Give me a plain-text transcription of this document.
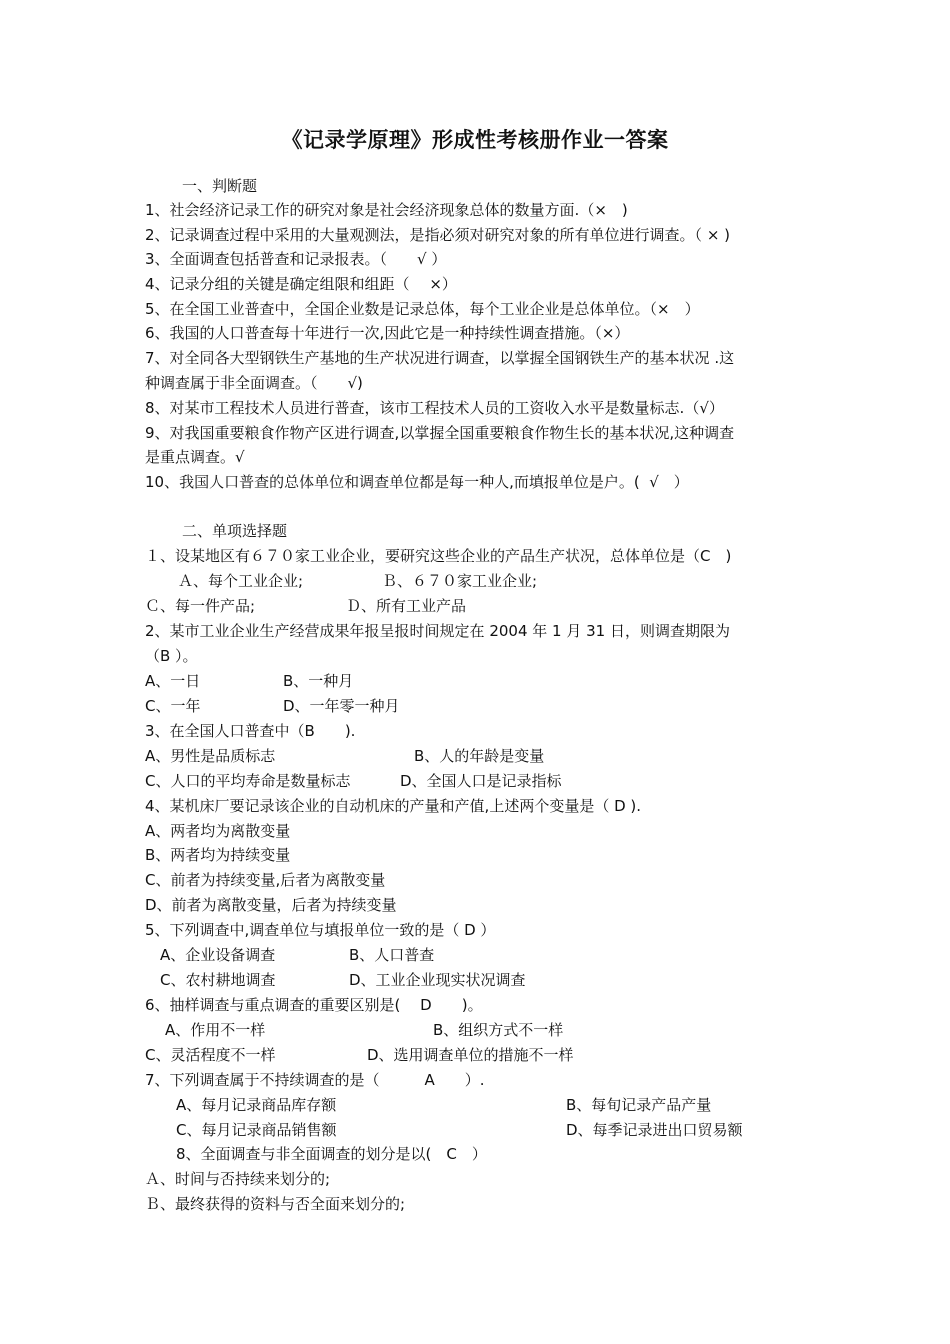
《记录学原理》形成性考核册作业一答案
一、判断题
1、社会经济记录工作的研究对象是社会经济现象总体的数量方面.（×　)
2、记录调查过程中采用的大量观测法，是指必须对研究对象的所有单位进行调查。（ × )
3、全面调查包括普查和记录报表。（　　√ ）
4、记录分组的关键是确定组限和组距（　 ×）
5、在全国工业普查中，全国企业数是记录总体，每个工业企业是总体单位。（×　）
6、我国的人口普查每十年进行一次,因此它是一种持续性调查措施。（×）
7、对全同各大型钢铁生产基地的生产状况进行调查，以掌握全国钢铁生产的基本状况 .这
种调查属于非全面调查。（　　√)
8、对某市工程技术人员进行普查，该市工程技术人员的工资收入水平是数量标志.（√）
9、对我国重要粮食作物产区进行调查,以掌握全国重要粮食作物生长的基本状况,这种调查
是重点调查。√
10、我国人口普查的总体单位和调查单位都是每一种人,而填报单位是户。(  √　）
二、单项选择题
１、设某地区有６７０家工业企业，要研究这些企业的产品生产状况，总体单位是（C　)
Ａ、每个工业企业;	Ｂ、６７０家工业企业;
Ｃ、每一件产品;	Ｄ、所有工业产品
2、某市工业企业生产经营成果年报呈报时间规定在 2004 年 1 月 31 日，则调查期限为
（B ）。
A、一日	B、一种月
C、一年	D、一年零一种月
3、在全国人口普查中（B　　).
A、男性是品质标志	B、人的年龄是变量
C、人口的平均寿命是数量标志	D、全国人口是记录指标
4、某机床厂要记录该企业的自动机床的产量和产值,上述两个变量是（ D ).
A、两者均为离散变量
B、两者均为持续变量
C、前者为持续变量,后者为离散变量
D、前者为离散变量，后者为持续变量
5、下列调查中,调查单位与填报单位一致的是（ D ）
A、企业设备调查	B、人口普查
C、农村耕地调查	D、工业企业现实状况调查
6、抽样调查与重点调查的重要区别是(　 D　　)。
A、作用不一样	B、组织方式不一样
C、灵活程度不一样	D、选用调查单位的措施不一样
7、下列调查属于不持续调查的是（　　　A　　）.
A、每月记录商品库存额	B、每旬记录产品产量
C、每月记录商品销售额	D、每季记录进出口贸易额
8、全面调查与非全面调查的划分是以(　C　）
Ａ、时间与否持续来划分的;
Ｂ、最终获得的资料与否全面来划分的;
